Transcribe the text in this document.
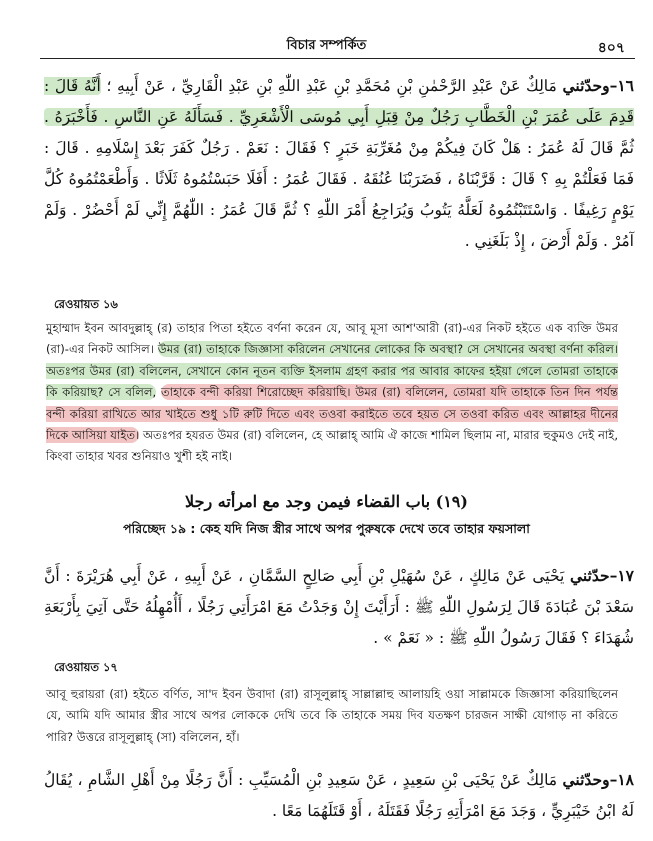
বিচার সম্পর্কিত	৪০৭
١٦–وحدّثني مَالِكٌ عَنْ عَبْدِ الرَّحْمٰنِ بْنِ مُحَمَّدِ بْنِ عَبْدِ اللّٰهِ بْنِ عَبْدِ الْقَارِيِّ ، عَنْ أَبِيهِ ؛ أَنَّهُ قَالَ : قَدِمَ عَلَى عُمَرَ بْنِ الْخَطَّابِ رَجُلٌ مِنْ قِبَلِ أَبِي مُوسَى الْأَشْعَرِيِّ . فَسَأَلَهُ عَنِ النَّاسِ . فَأَخْبَرَهُ . ثُمَّ قَالَ لَهُ عُمَرُ : هَلْ كَانَ فِيكُمْ مِنْ مُغَرِّبَةِ خَبَرٍ ؟ فَقَالَ : نَعَمْ . رَجُلٌ كَفَرَ بَعْدَ إِسْلَامِهِ . قَالَ : فَمَا فَعَلْتُمْ بِهِ ؟ قَالَ : قَرَّبْنَاهُ ، فَضَرَبْنَا عُنُقَهُ . فَقَالَ عُمَرُ : أَفَلَا حَبَسْتُمُوهُ ثَلَاثًا . وَأَطْعَمْتُمُوهُ كُلَّ يَوْمٍ رَغِيفًا . وَاسْتَتَبْتُمُوهُ لَعَلَّهُ يَتُوبُ وَيُرَاجِعُ أَمْرَ اللّٰهِ ؟ ثُمَّ قَالَ عُمَرُ : اللّٰهُمَّ إِنِّي لَمْ أَحْضُرْ . وَلَمْ آمُرْ . وَلَمْ أَرْضَ ، إِذْ بَلَغَنِي .
রেওয়ায়ত ১৬
মুহাম্মাদ ইবন আবদুল্লাহ্ (র) তাহার পিতা হইতে বর্ণনা করেন যে, আবূ মূসা আশ'আরী (রা)-এর নিকট হইতে এক ব্যক্তি উমর (রা)-এর নিকট আসিল। উমর (রা) তাহাকে জিজ্ঞাসা করিলেন সেখানের লোকের কি অবস্থা? সে সেখানের অবস্থা বর্ণনা করিল। অতঃপর উমর (রা) বলিলেন, সেখানে কোন নূতন ব্যক্তি ইসলাম গ্রহণ করার পর আবার কাফের হইয়া গেলে তোমরা তাহাকে কি করিয়াছ? সে বলিল, তাহাকে বন্দী করিয়া শিরোচ্ছেদ করিয়াছি। উমর (রা) বলিলেন, তোমরা যদি তাহাকে তিন দিন পর্যন্ত বন্দী করিয়া রাখিতে আর খাইতে শুধু ১টি রুটি দিতে এবং তওবা করাইতে তবে হয়ত সে তওবা করিত এবং আল্লাহর দীনের দিকে আসিয়া যাইত। অতঃপর হযরত উমর (রা) বলিলেন, হে আল্লাহ্ আমি ঐ কাজে শামিল ছিলাম না, মারার হুকুমও দেই নাই, কিংবা তাহার খবর শুনিয়াও খুশী হই নাই।
(١٩) باب القضاء فيمن وجد مع امرأته رجلا
পরিচ্ছেদ ১৯ : কেহ যদি নিজ স্ত্রীর সাথে অপর পুরুষকে দেখে তবে তাহার ফয়সালা
١٧–حدّثني يَحْيَى عَنْ مَالِكٍ ، عَنْ سُهَيْلِ بْنِ أَبِي صَالِحٍ السَّمَّانِ ، عَنْ أَبِيهِ ، عَنْ أَبِي هُرَيْرَةَ : أَنَّ سَعْدَ بْنَ عُبَادَةَ قَالَ لِرَسُولِ اللّٰهِ ﷺ : أَرَأَيْتَ إِنْ وَجَدْتُ مَعَ امْرَأَتِي رَجُلًا ، أَأُمْهِلُهُ حَتَّى آتِيَ بِأَرْبَعَةِ شُهَدَاءَ ؟ فَقَالَ رَسُولُ اللّٰهِ ﷺ : « نَعَمْ » .
রেওয়ায়ত ১৭
আবূ হুরায়রা (রা) হইতে বর্ণিত, সা'দ ইবন উবাদা (রা) রাসূলুল্লাহ্ সাল্লাল্লাহু আলায়হি ওয়া সাল্লামকে জিজ্ঞাসা করিয়াছিলেন যে, আমি যদি আমার স্ত্রীর সাথে অপর লোককে দেখি তবে কি তাহাকে সময় দিব যতক্ষণ চারজন সাক্ষী যোগাড় না করিতে পারি? উত্তরে রাসূলুল্লাহ্ (সা) বলিলেন, হাঁ।
١٨–وحدّثني مَالِكٌ عَنْ يَحْيَى بْنِ سَعِيدٍ ، عَنْ سَعِيدِ بْنِ الْمُسَيِّبِ : أَنَّ رَجُلًا مِنْ أَهْلِ الشَّامِ ، يُقَالُ لَهُ ابْنُ خَيْبَرِيٍّ ، وَجَدَ مَعَ امْرَأَتِهِ رَجُلًا فَقَتَلَهُ ، أَوْ قَتَلَهُمَا مَعًا .
